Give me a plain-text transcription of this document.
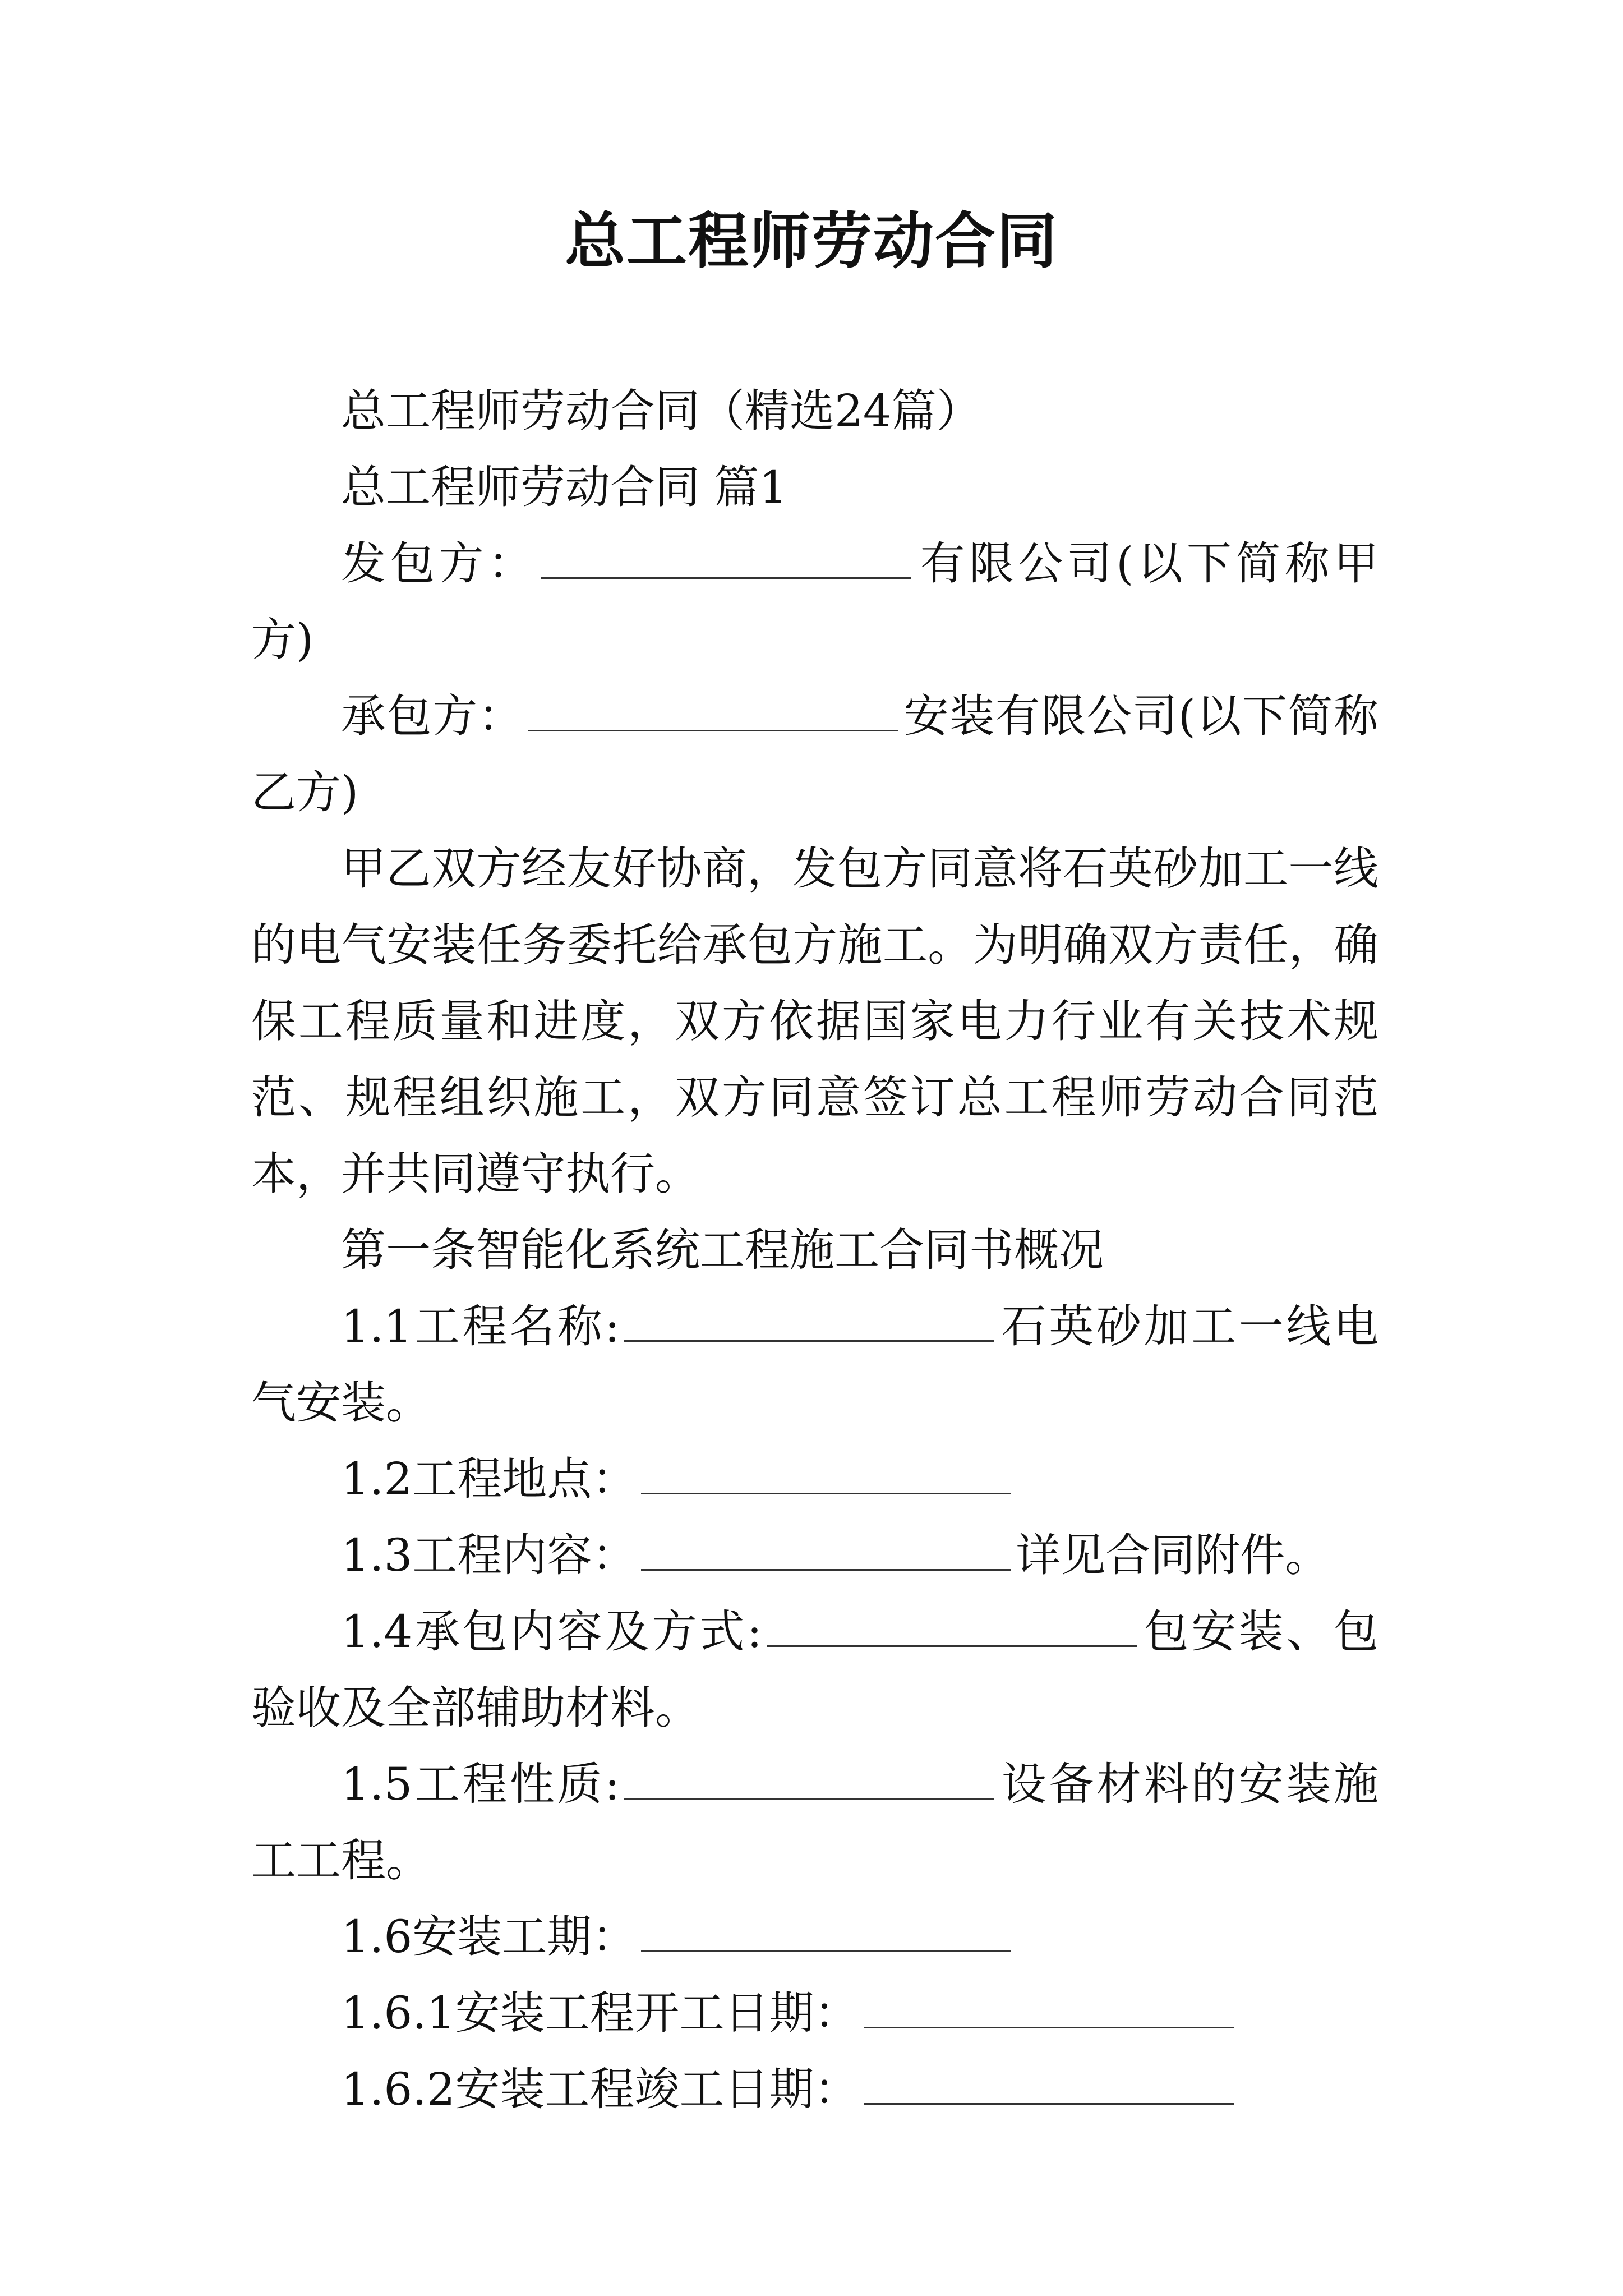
总工程师劳动合同

总工程师劳动合同（精选24篇）

总工程师劳动合同 篇1

发包方：	有限公司(以下简称甲方)

承包方：	安装有限公司(以下简称乙方)

甲乙双方经友好协商，发包方同意将石英砂加工一线的电气安装任务委托给承包方施工。为明确双方责任，确保工程质量和进度，双方依据国家电力行业有关技术规范、规程组织施工，双方同意签订总工程师劳动合同范本，并共同遵守执行。

第一条智能化系统工程施工合同书概况

1.1工程名称:	石英砂加工一线电气安装。

1.2工程地点：

1.3工程内容：	详见合同附件。

1.4承包内容及方式:	包安装、包验收及全部辅助材料。

1.5工程性质:	设备材料的安装施工工程。

1.6安装工期：

1.6.1安装工程开工日期：

1.6.2安装工程竣工日期：
